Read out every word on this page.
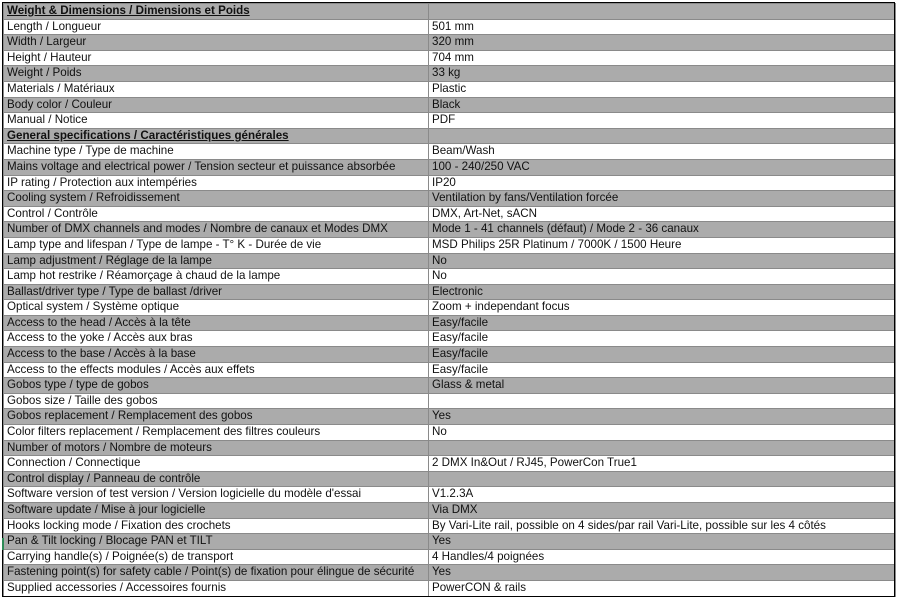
Weight & Dimensions / Dimensions et Poids	
Length / Longueur	501 mm
Width / Largeur	320 mm
Height / Hauteur	704 mm
Weight / Poids	33 kg
Materials / Matériaux	Plastic
Body color / Couleur	Black
Manual / Notice	PDF
General specifications / Caractéristiques générales	
Machine type / Type de machine	Beam/Wash
Mains voltage and electrical power / Tension secteur et puissance absorbée	100 - 240/250 VAC
IP rating / Protection aux intempéries	IP20
Cooling system / Refroidissement	Ventilation by fans/Ventilation forcée
Control / Contrôle	DMX, Art-Net, sACN
Number of DMX channels and modes / Nombre de canaux et Modes DMX	Mode 1 - 41 channels (défaut) / Mode 2 - 36 canaux
Lamp type and lifespan / Type de lampe - T° K - Durée de vie	MSD Philips 25R Platinum / 7000K / 1500 Heure
Lamp adjustment / Réglage de la lampe	No
Lamp hot restrike / Réamorçage à chaud de la lampe	No
Ballast/driver type / Type de ballast /driver	Electronic
Optical system / Système optique	Zoom + independant focus
Access to the head / Accès à la tête	Easy/facile
Access to the yoke / Accès aux bras	Easy/facile
Access to the base / Accès à la base	Easy/facile
Access to the effects modules / Accès aux effets	Easy/facile
Gobos type / type de gobos	Glass & metal
Gobos size / Taille des gobos	
Gobos replacement / Remplacement des gobos	Yes
Color filters replacement / Remplacement des filtres couleurs	No
Number of motors / Nombre de moteurs	
Connection / Connectique	2 DMX In&Out / RJ45, PowerCon True1
Control display / Panneau de contrôle	
Software version of test version / Version logicielle du modèle d'essai	V1.2.3A
Software update / Mise à jour logicielle	Via DMX
Hooks locking mode / Fixation des crochets	By Vari-Lite rail, possible on 4 sides/par rail Vari-Lite, possible sur les 4 côtés
Pan & Tilt locking / Blocage PAN et TILT	Yes
Carrying handle(s) / Poignée(s) de transport	4 Handles/4 poignées
Fastening point(s) for safety cable / Point(s) de fixation pour élingue de sécurité	Yes
Supplied accessories / Accessoires fournis	PowerCON & rails
